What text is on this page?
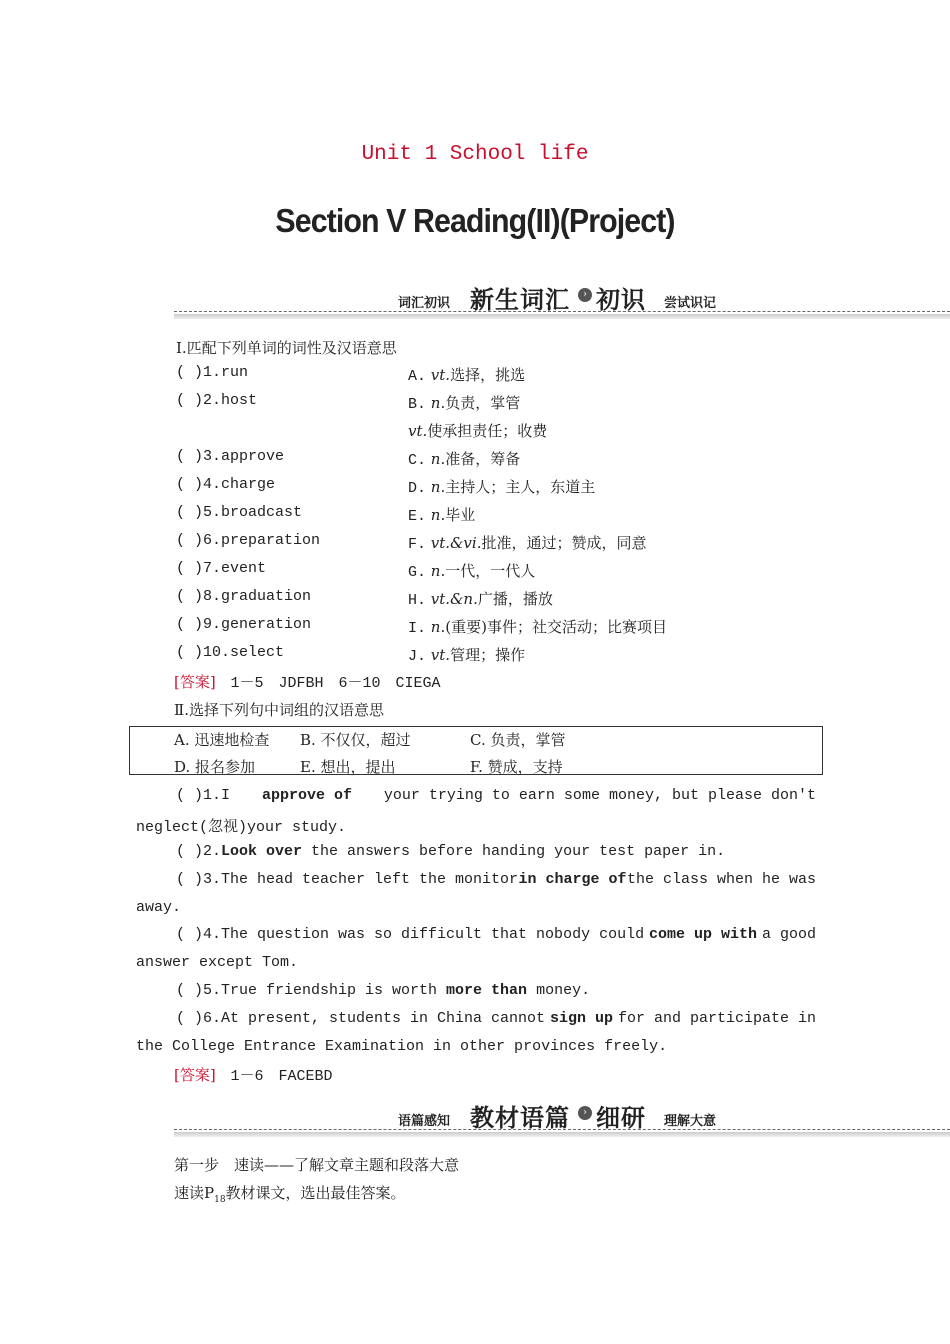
Unit 1 School life
Section V Reading(II)(Project)
词汇初识 新生词汇	› 初识 尝试识记
Ⅰ.匹配下列单词的词性及汉语意思
( )1.run	A. vt.选择，挑选
( )2.host	B. n.负责，掌管
vt.使承担责任；收费
( )3.approve	C. n.准备，筹备
( )4.charge	D. n.主持人；主人，东道主
( )5.broadcast	E. n.毕业
( )6.preparation	F. vt.&vi.批准，通过；赞成，同意
( )7.event	G. n.一代，一代人
( )8.graduation	H. vt.&n.广播，播放
( )9.generation	I. n.(重要)事件；社交活动；比赛项目
( )10.select	J. vt.管理；操作
[答案] 1－5　JDFBH　6－10　CIEGA
Ⅱ.选择下列句中词组的汉语意思
A. 迅速地检查 B. 不仅仅，超过	C. 负责，掌管
D. 报名参加	E. 想出，提出	F. 赞成，支持
( )1.I approve of your trying to earn some money, but please don't
neglect(忽视)your study.
( )2.Look over the answers before handing your test paper in.
( )3.The head teacher left the monitor in charge of the class when he was
away.
( )4.The question was so difficult that nobody could come up with a good
answer except Tom.
( )5.True friendship is worth more than money.
( )6.At present, students in China cannot sign up for and participate in
the College Entrance Examination in other provinces freely.
[答案] 1－6　FACEBD
语篇感知 教材语篇	› 细研 理解大意
第一步　速读——了解文章主题和段落大意
速读$P_{18}$教材课文，选出最佳答案。
